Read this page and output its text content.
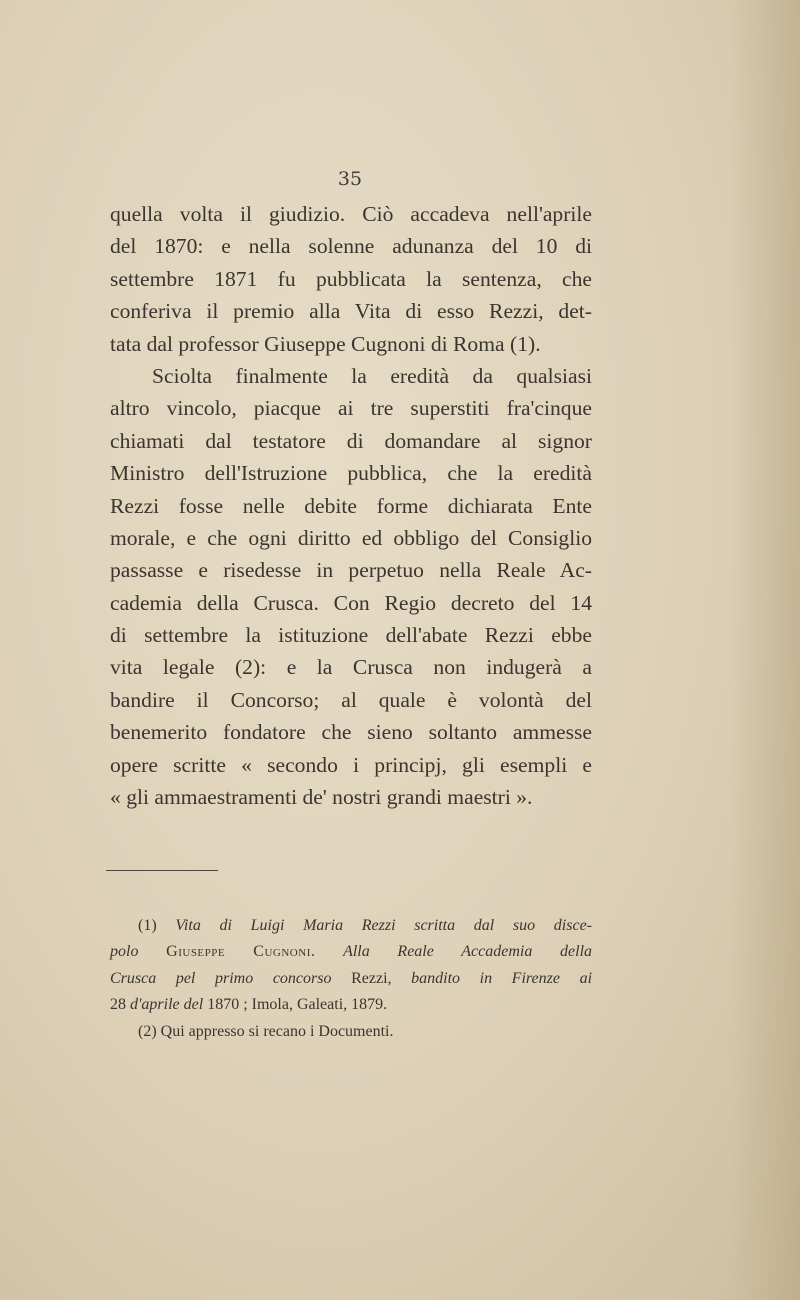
35
quella volta il giudizio. Ciò accadeva nell'aprile
del 1870: e nella solenne adunanza del 10 di
settembre 1871 fu pubblicata la sentenza, che
conferiva il premio alla Vita di esso Rezzi, det-
tata dal professor Giuseppe Cugnoni di Roma (1).
Sciolta finalmente la eredità da qualsiasi
altro vincolo, piacque ai tre superstiti fra'cinque
chiamati dal testatore di domandare al signor
Ministro dell'Istruzione pubblica, che la eredità
Rezzi fosse nelle debite forme dichiarata Ente
morale, e che ogni diritto ed obbligo del Consiglio
passasse e risedesse in perpetuo nella Reale Ac-
cademia della Crusca. Con Regio decreto del 14
di settembre la istituzione dell'abate Rezzi ebbe
vita legale (2): e la Crusca non indugerà a
bandire il Concorso; al quale è volontà del
benemerito fondatore che sieno soltanto ammesse
opere scritte « secondo i principj, gli esempli e
« gli ammaestramenti de' nostri grandi maestri ».
(1) Vita di Luigi Maria Rezzi scritta dal suo disce-
polo Giuseppe Cugnoni. Alla Reale Accademia della
Crusca pel primo concorso Rezzi, bandito in Firenze ai
28 d'aprile del 1870 ; Imola, Galeati, 1879.
(2) Qui appresso si recano i Documenti.
